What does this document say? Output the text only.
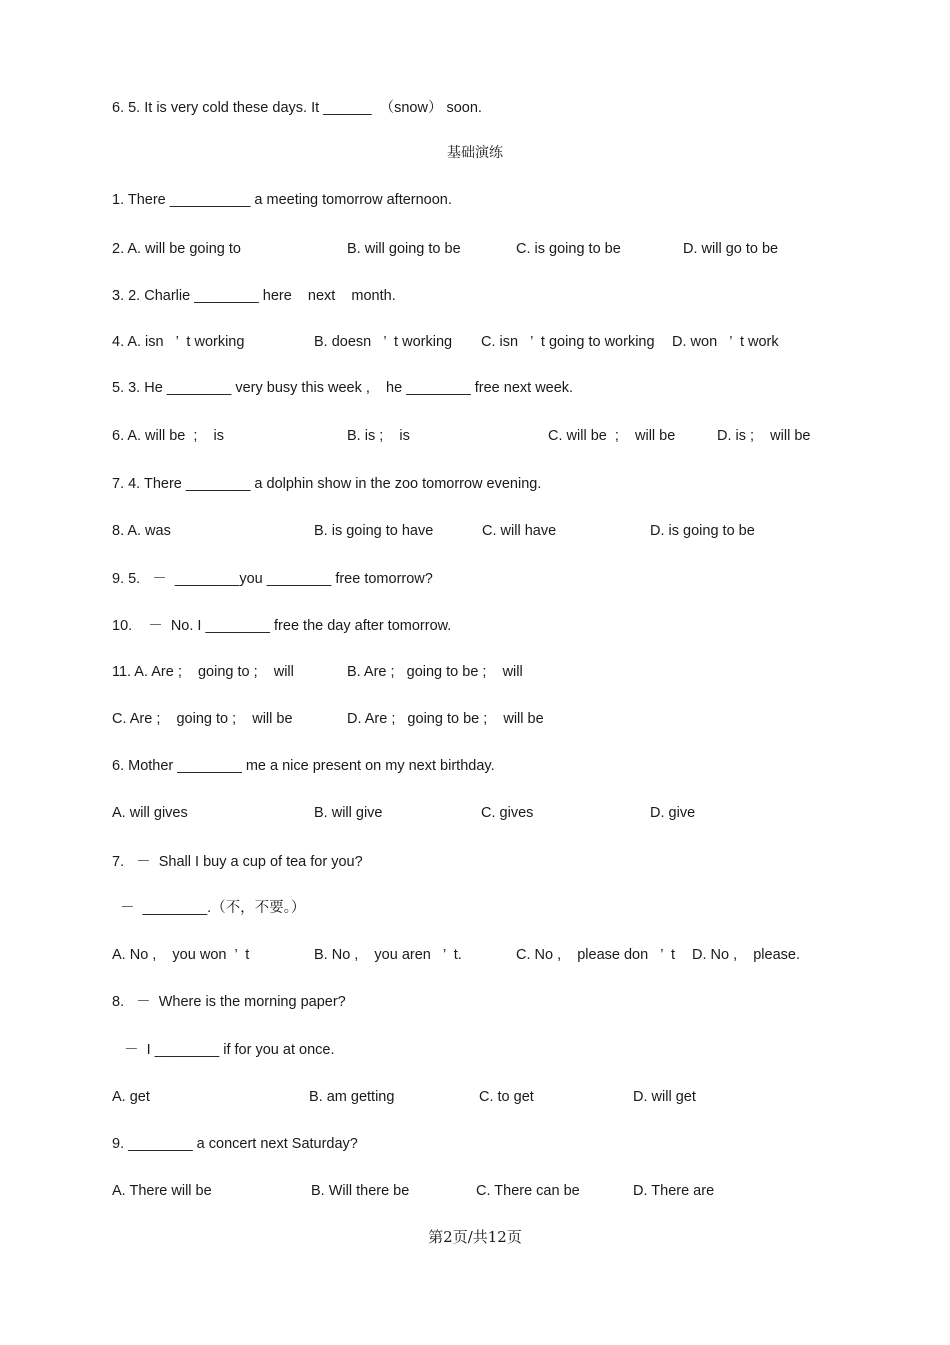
6. 5. It is very cold these days. It ______  （snow） soon.

基础演练

1. There __________ a meeting tomorrow afternoon.

2. A. will be going to

	B. will going to be

	C. is going to be

	D. will go to be

3. 2. Charlie ________ here    next    month.

4. A. isn   ’  t working

	B. doesn   ’  t working

C. isn   ’  t going to working

D. won   ’  t work

5. 3. He ________ very busy this week ,    he ________ free next week.

6. A. will be  ;    is

	B. is ;    is

	C. will be  ;    will be

	D. is ;    will be

7. 4. There ________ a dolphin show in the zoo tomorrow evening.

8. A. was

	B. is going to have

	C. will have

	D. is going to be

9. 5.   －  ________you ________ free tomorrow?

10.    －  No. I ________ free the day after tomorrow.

11. A. Are ;    going to ;    will

	B. Are ;   going to be ;    will

C. Are ;    going to ;    will be

	D. Are ;   going to be ;    will be

6. Mother ________ me a nice present on my next birthday.

A. will gives

	B. will give

	C. gives

	D. give

7.   －  Shall I buy a cup of tea for you?

－  ________.（不，不要。）

A. No ,    you won  ’  t

	B. No ,    you aren   ’  t.

	C. No ,    please don   ’  t

D. No ,    please.

8.   －  Where is the morning paper?

－  I ________ if for you at once.

A. get

	B. am getting

	C. to get

	D. will get

9. ________ a concert next Saturday?

A. There will be

	B. Will there be

	C. There can be

	D. There are

第2页/共12页
